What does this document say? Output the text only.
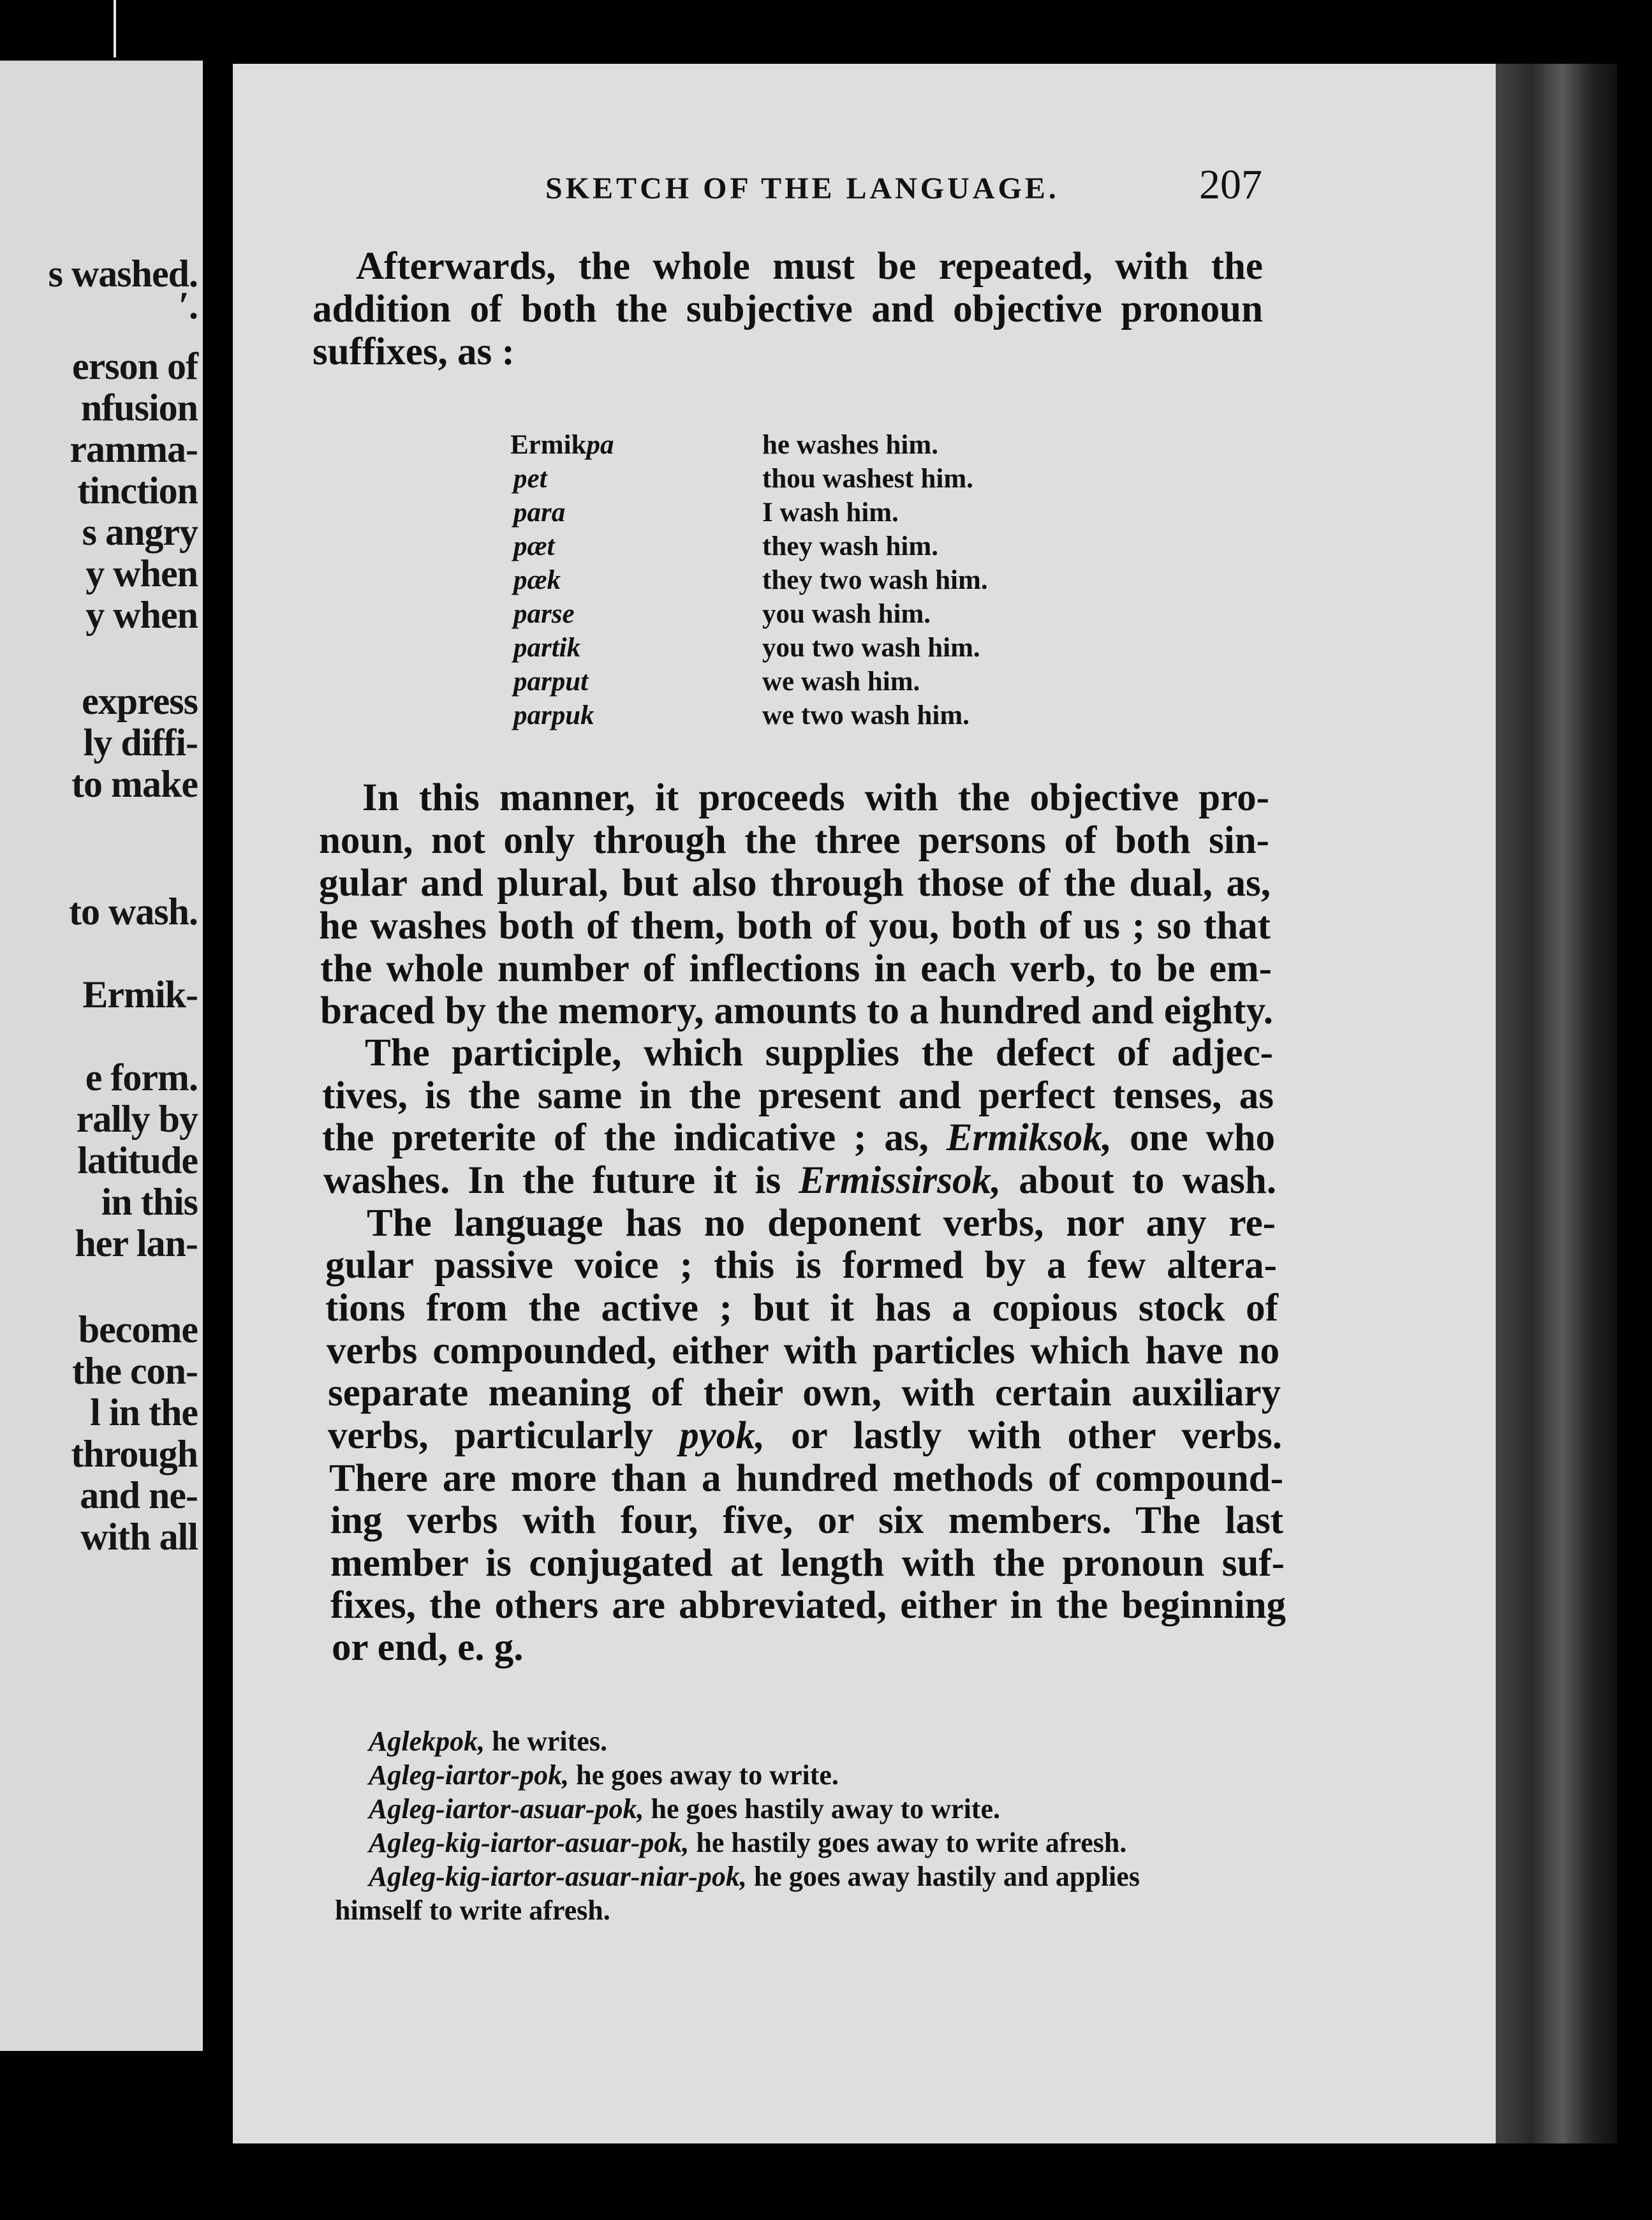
s washed.
ʹ.
erson of
nfusion
ramma-
tinction
s angry
y when
y when
express
ly diffi-
to make
to wash.
Ermik-
e form.
rally by
latitude
in this
her lan-
become
the con-
l in the
through
and ne-
with all
SKETCH OF THE LANGUAGE.	207
Afterwards, the whole must be repeated, with the
addition of both the subjective and objective pronoun
suffixes, as :
Ermikpa	he washes him.
pet	thou washest him.
para	I wash him.
pæt	they wash him.
pæk	they two wash him.
parse	you wash him.
partik	you two wash him.
parput	we wash him.
parpuk	we two wash him.
In this manner, it proceeds with the objective pro-
noun, not only through the three persons of both sin-
gular and plural, but also through those of the dual, as,
he washes both of them, both of you, both of us ; so that
the whole number of inflections in each verb, to be em-
braced by the memory, amounts to a hundred and eighty.
The participle, which supplies the defect of adjec-
tives, is the same in the present and perfect tenses, as
the preterite of the indicative ; as, Ermiksok, one who
washes. In the future it is Ermissirsok, about to wash.
The language has no deponent verbs, nor any re-
gular passive voice ; this is formed by a few altera-
tions from the active ; but it has a copious stock of
verbs compounded, either with particles which have no
separate meaning of their own, with certain auxiliary
verbs, particularly pyok, or lastly with other verbs.
There are more than a hundred methods of compound-
ing verbs with four, five, or six members. The last
member is conjugated at length with the pronoun suf-
fixes, the others are abbreviated, either in the beginning
or end, e. g.
Aglekpok, he writes.
Agleg-iartor-pok, he goes away to write.
Agleg-iartor-asuar-pok, he goes hastily away to write.
Agleg-kig-iartor-asuar-pok, he hastily goes away to write afresh.
Agleg-kig-iartor-asuar-niar-pok, he goes away hastily and applies
himself to write afresh.
